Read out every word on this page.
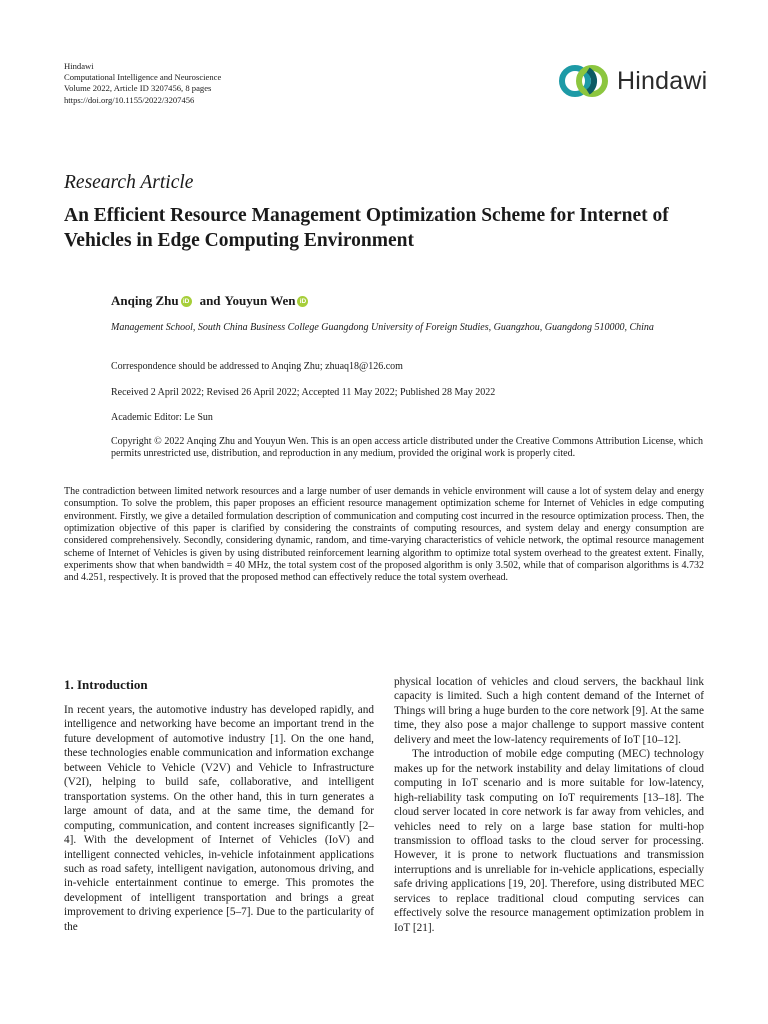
Hindawi
Computational Intelligence and Neuroscience
Volume 2022, Article ID 3207456, 8 pages
https://doi.org/10.1155/2022/3207456
Hindawi
Research Article
An Efficient Resource Management Optimization Scheme for Internet of Vehicles in Edge Computing Environment
Anqing Zhu iD and Youyun Wen iD
Management School, South China Business College Guangdong University of Foreign Studies, Guangzhou, Guangdong 510000, China
Correspondence should be addressed to Anqing Zhu; zhuaq18@126.com
Received 2 April 2022; Revised 26 April 2022; Accepted 11 May 2022; Published 28 May 2022
Academic Editor: Le Sun
Copyright © 2022 Anqing Zhu and Youyun Wen. This is an open access article distributed under the Creative Commons Attribution License, which permits unrestricted use, distribution, and reproduction in any medium, provided the original work is properly cited.

The contradiction between limited network resources and a large number of user demands in vehicle environment will cause a lot of system delay and energy consumption. To solve the problem, this paper proposes an efficient resource management optimization scheme for Internet of Vehicles in edge computing environment. Firstly, we give a detailed formulation description of communication and computing cost incurred in the resource optimization process. Then, the optimization objective of this paper is clarified by considering the constraints of computing resources, and system delay and energy consumption are considered comprehensively. Secondly, considering dynamic, random, and time-varying characteristics of vehicle network, the optimal resource management scheme of Internet of Vehicles is given by using distributed reinforcement learning algorithm to optimize total system overhead to the greatest extent. Finally, experiments show that when bandwidth = 40 MHz, the total system cost of the proposed algorithm is only 3.502, while that of comparison algorithms is 4.732 and 4.251, respectively. It is proved that the proposed method can effectively reduce the total system overhead.

1. Introduction

In recent years, the automotive industry has developed rapidly, and intelligence and networking have become an important trend in the future development of automotive industry [1]. On the one hand, these technologies enable communication and information exchange between Vehicle to Vehicle (V2V) and Vehicle to Infrastructure (V2I), helping to build safe, collaborative, and intelligent transportation systems. On the other hand, this in turn generates a large amount of data, and at the same time, the demand for computing, communication, and content increases significantly [2–4]. With the development of Internet of Vehicles (IoV) and intelligent connected vehicles, in-vehicle infotainment applications such as road safety, intelligent navigation, autonomous driving, and in-vehicle entertainment continue to emerge. This promotes the development of intelligent transportation and brings a great improvement to driving experience [5–7]. Due to the particularity of the

physical location of vehicles and cloud servers, the backhaul link capacity is limited. Such a high content demand of the Internet of Things will bring a huge burden to the core network [9]. At the same time, they also pose a major challenge to support massive content delivery and meet the low-latency requirements of IoT [10–12].

The introduction of mobile edge computing (MEC) technology makes up for the network instability and delay limitations of cloud computing in IoT scenario and is more suitable for low-latency, high-reliability task computing on IoT requirements [13–18]. The cloud server located in core network is far away from vehicles, and vehicles need to rely on a large base station for multi-hop transmission to offload tasks to the cloud server for processing. However, it is prone to network fluctuations and transmission interruptions and is unreliable for in-vehicle applications, especially safe driving applications [19, 20]. Therefore, using distributed MEC services to replace traditional cloud computing services can effectively solve the resource management optimization problem in IoT [21].
